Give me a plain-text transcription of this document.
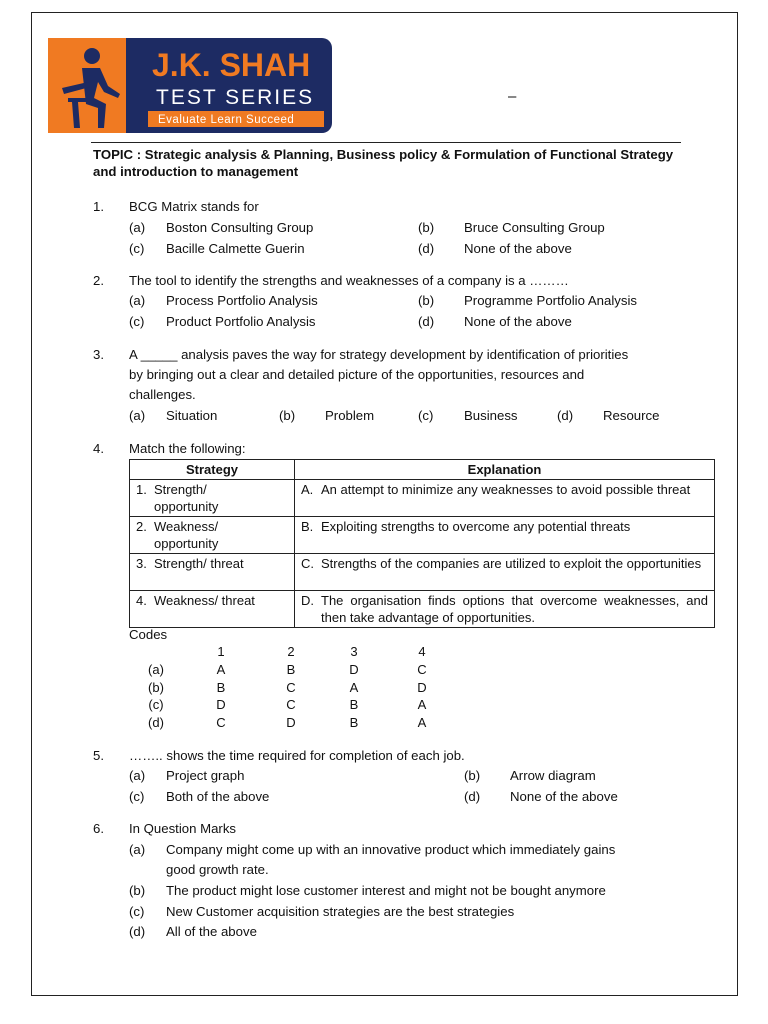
J.K. SHAH
TEST SERIES
Evaluate Learn Succeed
–
TOPIC : Strategic analysis & Planning, Business policy & Formulation of Functional Strategy
and introduction to management
1. BCG Matrix stands for
(a) Boston Consulting Group	(b) Bruce Consulting Group
(c) Bacille Calmette Guerin	(d) None of the above
2. The tool to identify the strengths and weaknesses of a company is a ………
(a) Process Portfolio Analysis	(b) Programme Portfolio Analysis
(c) Product Portfolio Analysis	(d) None of the above
3. A _____ analysis paves the way for strategy development by identification of priorities
by bringing out a clear and detailed picture of the opportunities, resources and
challenges.
(a) Situation	(b) Problem	(c) Business	(d) Resource
4. Match the following:
Strategy	Explanation
1. Strength/ opportunity	A. An attempt to minimize any weaknesses to avoid possible threat

2. Weakness/ opportunity	B. Exploiting strengths to overcome any potential threats

3. Strength/ threat	C. Strengths of the companies are utilized to exploit the opportunities

4. Weakness/ threat	D. The organisation finds options that overcome weaknesses, and then take advantage of opportunities.
Codes
1	2	3	4
(a)	A	B	D	C
(b)	B	C	A	D
(c)	D	C	B	A
(d)	C	D	B	A
5. …….. shows the time required for completion of each job.
(a) Project graph	(b) Arrow diagram
(c) Both of the above	(d) None of the above
6. In Question Marks
(a) Company might come up with an innovative product which immediately gains
good growth rate.
(b) The product might lose customer interest and might not be bought anymore
(c) New Customer acquisition strategies are the best strategies
(d) All of the above
